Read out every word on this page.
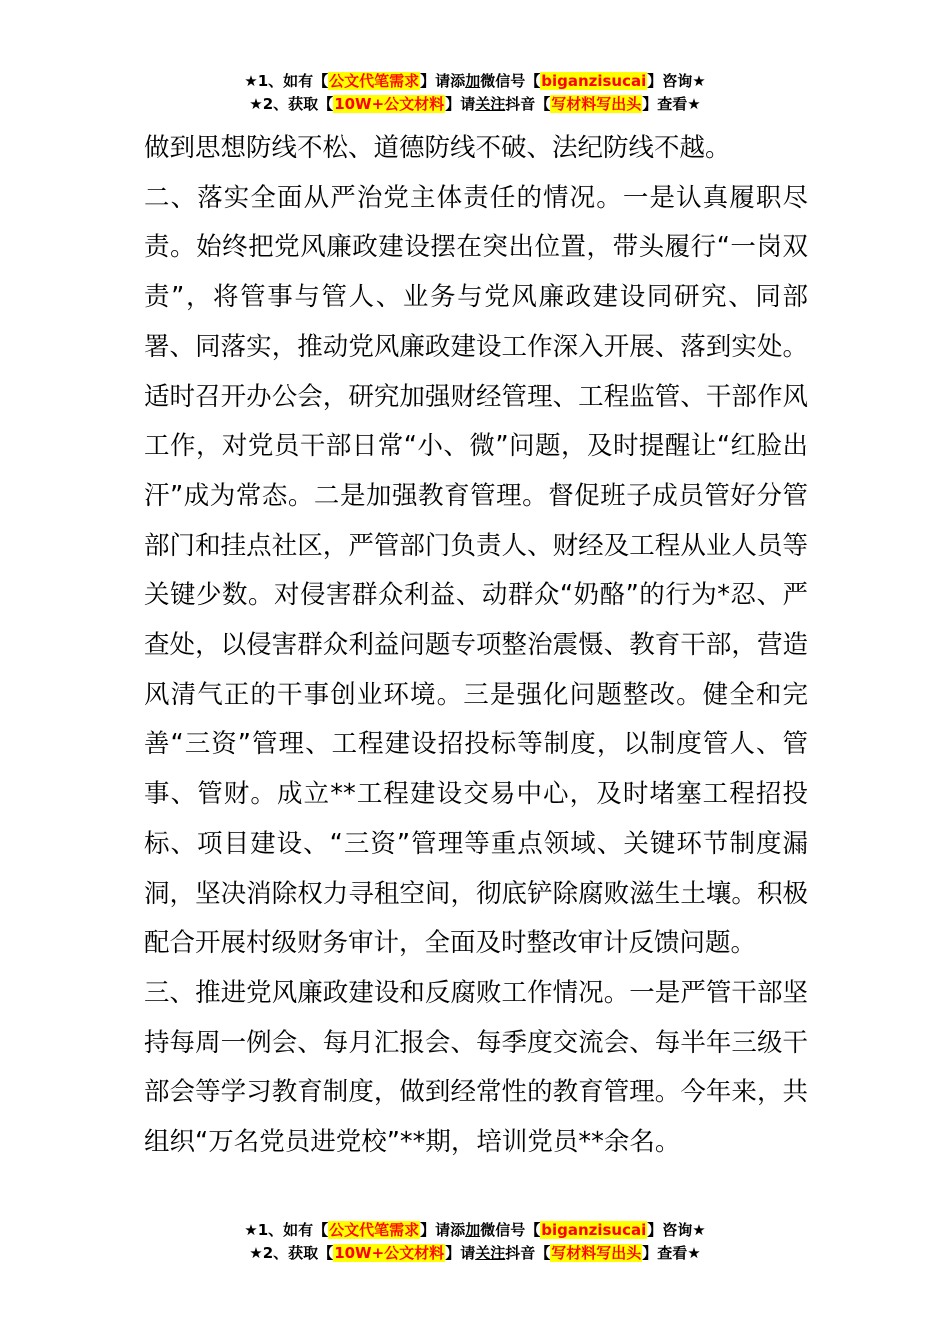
★1、如有【公文代笔需求】请添加微信号【biganzisucai】咨询★
★2、获取【10W+公文材料】请关注抖音【写材料写出头】查看★

做到思想防线不松、道德防线不破、法纪防线不越。

二、落实全面从严治党主体责任的情况。一是认真履职尽责。始终把党风廉政建设摆在突出位置，带头履行“一岗双责”，将管事与管人、业务与党风廉政建设同研究、同部署、同落实，推动党风廉政建设工作深入开展、落到实处。适时召开办公会，研究加强财经管理、工程监管、干部作风工作，对党员干部日常“小、微”问题，及时提醒让“红脸出汗”成为常态。二是加强教育管理。督促班子成员管好分管部门和挂点社区，严管部门负责人、财经及工程从业人员等关键少数。对侵害群众利益、动群众“奶酪”的行为*忍、严查处，以侵害群众利益问题专项整治震慑、教育干部，营造风清气正的干事创业环境。三是强化问题整改。健全和完善“三资”管理、工程建设招投标等制度，以制度管人、管事、管财。成立**工程建设交易中心，及时堵塞工程招投标、项目建设、“三资”管理等重点领域、关键环节制度漏洞，坚决消除权力寻租空间，彻底铲除腐败滋生土壤。积极配合开展村级财务审计，全面及时整改审计反馈问题。

三、推进党风廉政建设和反腐败工作情况。一是严管干部坚持每周一例会、每月汇报会、每季度交流会、每半年三级干部会等学习教育制度，做到经常性的教育管理。今年来，共组织“万名党员进党校”**期，培训党员**余名。

★1、如有【公文代笔需求】请添加微信号【biganzisucai】咨询★
★2、获取【10W+公文材料】请关注抖音【写材料写出头】查看★
